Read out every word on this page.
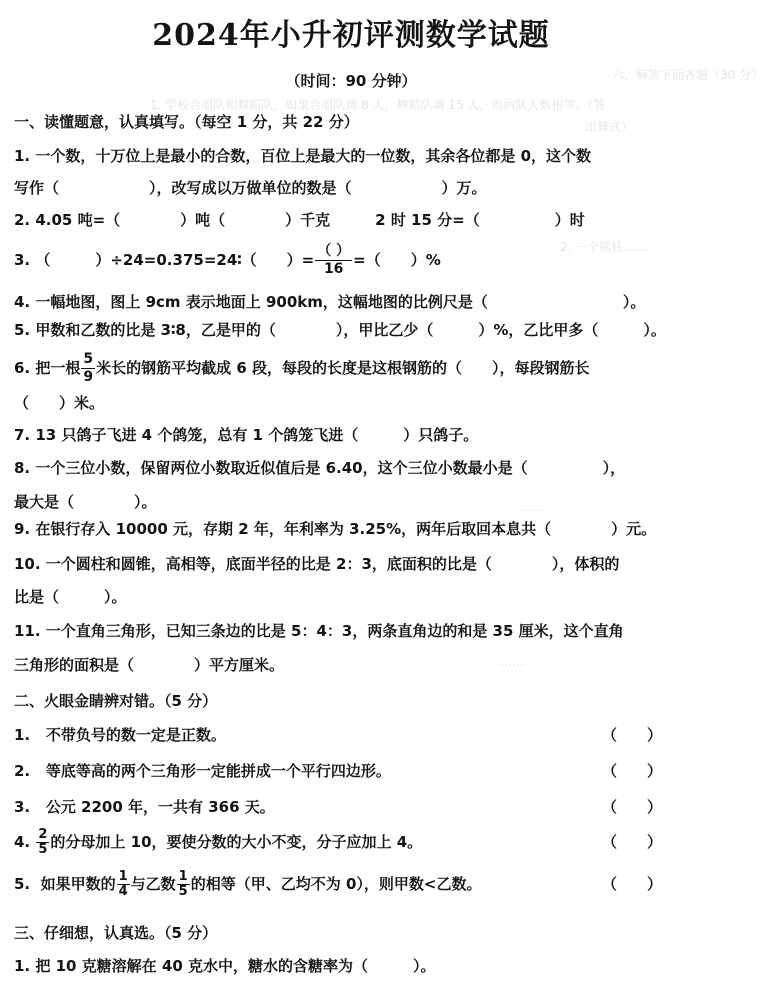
六、解答下面各题（30 分）
1. 学校合唱队和舞蹈队，如果合唱队调 8 人，舞蹈队调 15 人，则两队人数相等。（答
出算式）
2. 一个圆柱……
……
……
2024年小升初评测数学试题
（时间：90 分钟）
一、读懂题意，认真填写。（每空 1 分，共 22 分）
1. 一个数，十万位上是最小的合数，百位上是最大的一位数，其余各位都是 0，这个数
写作（　　　　　　），改写成以万做单位的数是（　　　　　　）万。
2. 4.05 吨=（　　　　）吨（　　　　）千克　　　2 时 15 分=（　　　　　）时
3. （　　　）÷24=0.375=24∶（　　）= $\frac{( )}{16}$ =（　　）%
4. 一幅地图，图上 9cm 表示地面上 900km，这幅地图的比例尺是（　　　　　　　　　）。
5. 甲数和乙数的比是 3∶8，乙是甲的（　　　　），甲比乙少（　　　）%，乙比甲多（　　　）。
6. 把一根 $\frac{5}{9}$ 米长的钢筋平均截成 6 段，每段的长度是这根钢筋的（　　），每段钢筋长
（　　）米。
7. 13 只鸽子飞进 4 个鸽笼，总有 1 个鸽笼飞进（　　　）只鸽子。
8. 一个三位小数，保留两位小数取近似值后是 6.40，这个三位小数最小是（　　　　　），
最大是（　　　　）。
9. 在银行存入 10000 元，存期 2 年，年利率为 3.25%，两年后取回本息共（　　　　）元。
10. 一个圆柱和圆锥，高相等，底面半径的比是 2：3，底面积的比是（　　　　），体积的
比是（　　　）。
11. 一个直角三角形，已知三条边的比是 5：4：3，两条直角边的和是 35 厘米，这个直角
三角形的面积是（　　　　）平方厘米。
二、火眼金睛辨对错。（5 分）
1. 不带负号的数一定是正数。	（　　）
2. 等底等高的两个三角形一定能拼成一个平行四边形。	（　　）
3. 公元 2200 年，一共有 366 天。	（　　）
4. $\frac{2}{5}$ 的分母加上 10，要使分数的大小不变，分子应加上 4。	（　　）
5. 如果甲数的 $\frac{1}{4}$ 与乙数 $\frac{1}{5}$ 的相等（甲、乙均不为 0），则甲数<乙数。	（　　）
三、仔细想，认真选。（5 分）
1. 把 10 克糖溶解在 40 克水中，糖水的含糖率为（　　　）。
